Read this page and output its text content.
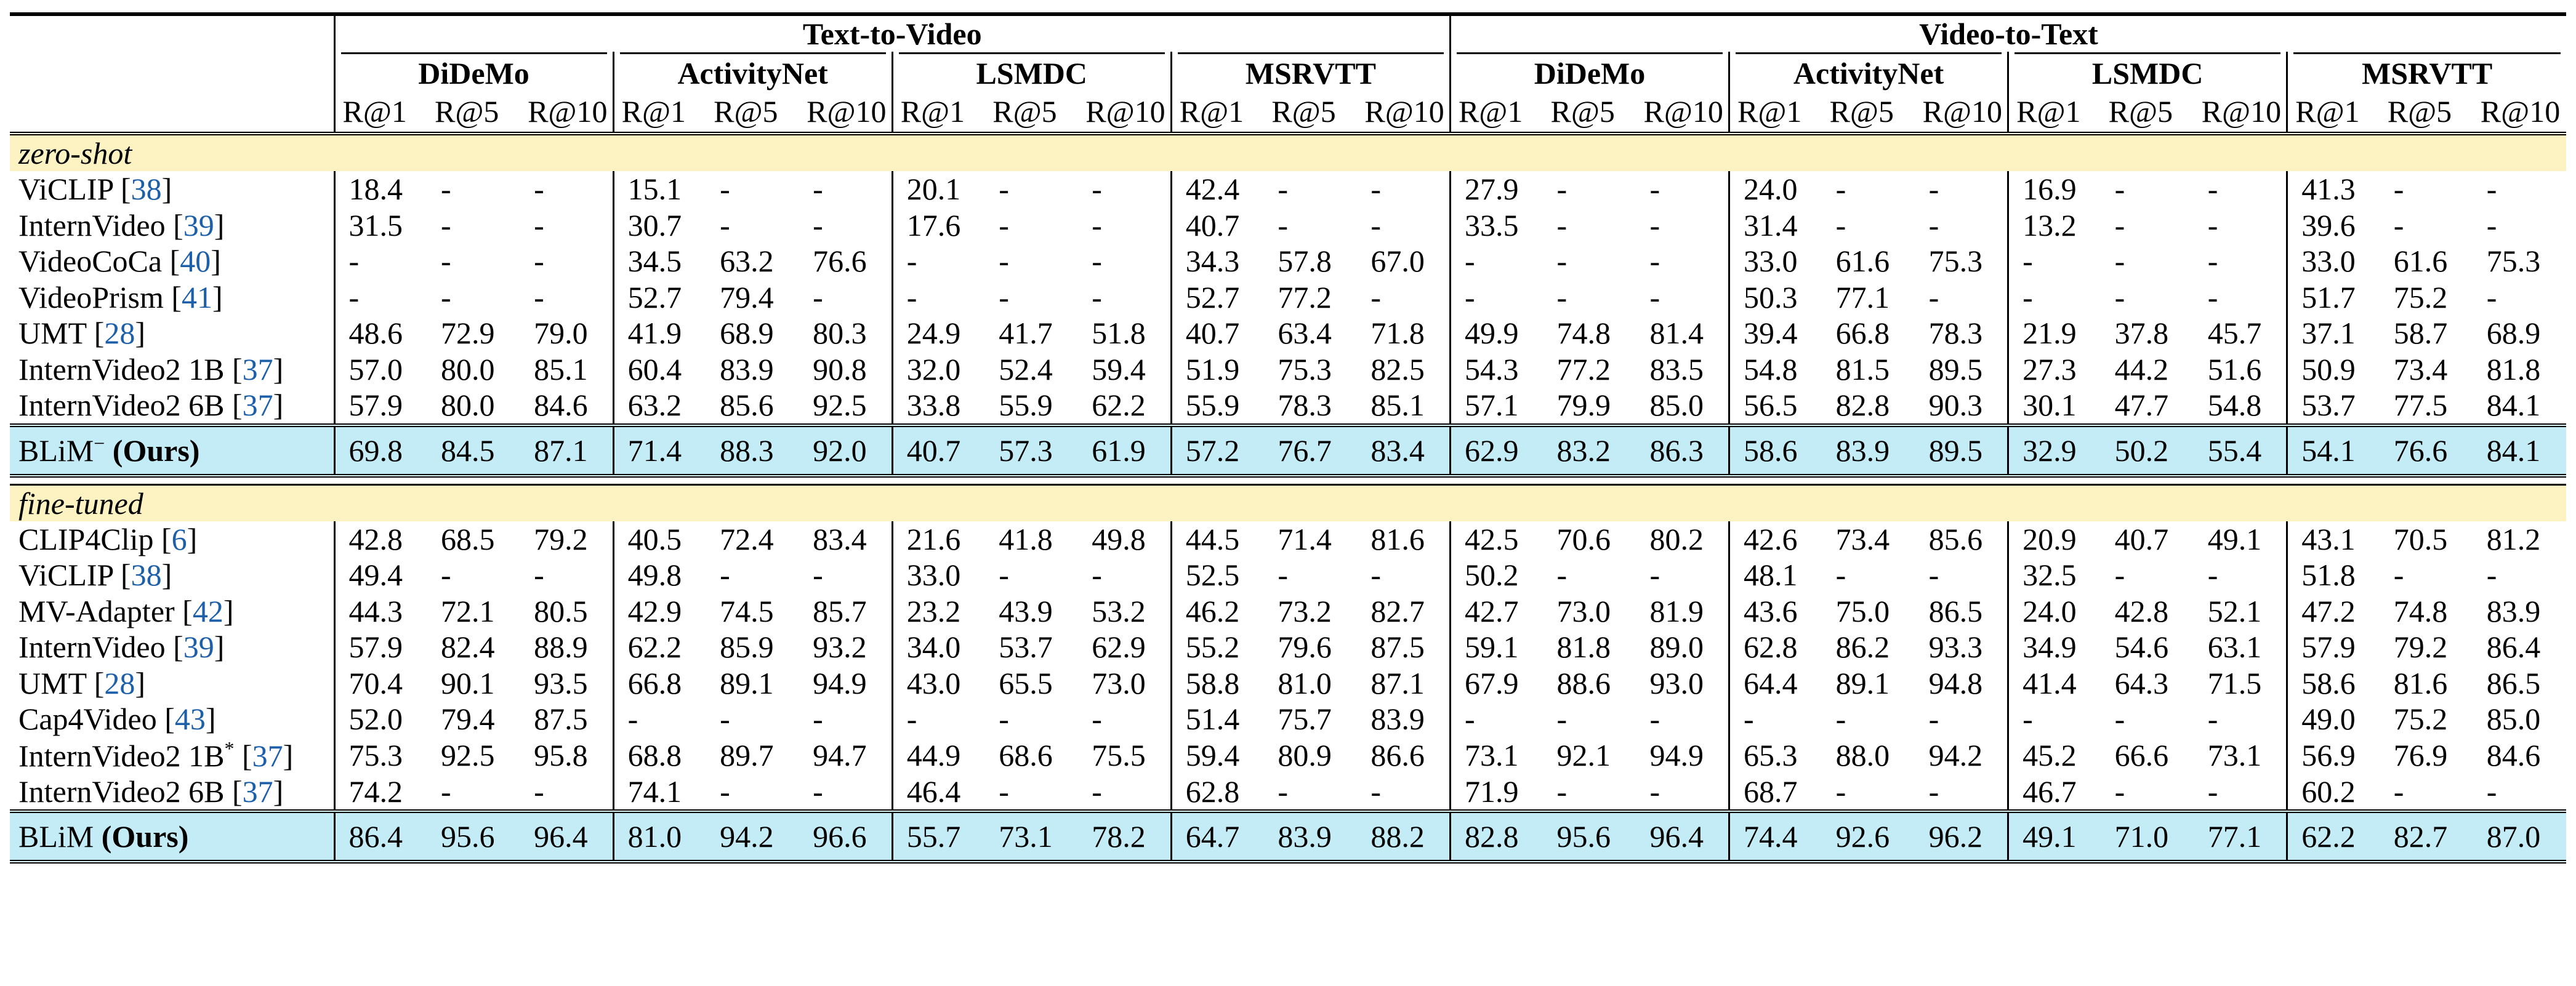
	Text-to-Video												Video-to-Text											
	DiDeMo			ActivityNet			LSMDC			MSRVTT			DiDeMo			ActivityNet			LSMDC			MSRVTT		
	R@1	R@5	R@10	R@1	R@5	R@10	R@1	R@5	R@10	R@1	R@5	R@10	R@1	R@5	R@10	R@1	R@5	R@10	R@1	R@5	R@10	R@1	R@5	R@10
zero-shot																								
ViCLIP [38]	18.4	-	-	15.1	-	-	20.1	-	-	42.4	-	-	27.9	-	-	24.0	-	-	16.9	-	-	41.3	-	-
InternVideo [39]	31.5	-	-	30.7	-	-	17.6	-	-	40.7	-	-	33.5	-	-	31.4	-	-	13.2	-	-	39.6	-	-
VideoCoCa [40]	-	-	-	34.5	63.2	76.6	-	-	-	34.3	57.8	67.0	-	-	-	33.0	61.6	75.3	-	-	-	33.0	61.6	75.3
VideoPrism [41]	-	-	-	52.7	79.4	-	-	-	-	52.7	77.2	-	-	-	-	50.3	77.1	-	-	-	-	51.7	75.2	-
UMT [28]	48.6	72.9	79.0	41.9	68.9	80.3	24.9	41.7	51.8	40.7	63.4	71.8	49.9	74.8	81.4	39.4	66.8	78.3	21.9	37.8	45.7	37.1	58.7	68.9
InternVideo2 1B [37]	57.0	80.0	85.1	60.4	83.9	90.8	32.0	52.4	59.4	51.9	75.3	82.5	54.3	77.2	83.5	54.8	81.5	89.5	27.3	44.2	51.6	50.9	73.4	81.8
InternVideo2 6B [37]	57.9	80.0	84.6	63.2	85.6	92.5	33.8	55.9	62.2	55.9	78.3	85.1	57.1	79.9	85.0	56.5	82.8	90.3	30.1	47.7	54.8	53.7	77.5	84.1
BLiM− (Ours)	69.8	84.5	87.1	71.4	88.3	92.0	40.7	57.3	61.9	57.2	76.7	83.4	62.9	83.2	86.3	58.6	83.9	89.5	32.9	50.2	55.4	54.1	76.6	84.1

fine-tuned																								
CLIP4Clip [6]	42.8	68.5	79.2	40.5	72.4	83.4	21.6	41.8	49.8	44.5	71.4	81.6	42.5	70.6	80.2	42.6	73.4	85.6	20.9	40.7	49.1	43.1	70.5	81.2
ViCLIP [38]	49.4	-	-	49.8	-	-	33.0	-	-	52.5	-	-	50.2	-	-	48.1	-	-	32.5	-	-	51.8	-	-
MV-Adapter [42]	44.3	72.1	80.5	42.9	74.5	85.7	23.2	43.9	53.2	46.2	73.2	82.7	42.7	73.0	81.9	43.6	75.0	86.5	24.0	42.8	52.1	47.2	74.8	83.9
InternVideo [39]	57.9	82.4	88.9	62.2	85.9	93.2	34.0	53.7	62.9	55.2	79.6	87.5	59.1	81.8	89.0	62.8	86.2	93.3	34.9	54.6	63.1	57.9	79.2	86.4
UMT [28]	70.4	90.1	93.5	66.8	89.1	94.9	43.0	65.5	73.0	58.8	81.0	87.1	67.9	88.6	93.0	64.4	89.1	94.8	41.4	64.3	71.5	58.6	81.6	86.5
Cap4Video [43]	52.0	79.4	87.5	-	-	-	-	-	-	51.4	75.7	83.9	-	-	-	-	-	-	-	-	-	49.0	75.2	85.0
InternVideo2 1B* [37]	75.3	92.5	95.8	68.8	89.7	94.7	44.9	68.6	75.5	59.4	80.9	86.6	73.1	92.1	94.9	65.3	88.0	94.2	45.2	66.6	73.1	56.9	76.9	84.6
InternVideo2 6B [37]	74.2	-	-	74.1	-	-	46.4	-	-	62.8	-	-	71.9	-	-	68.7	-	-	46.7	-	-	60.2	-	-
BLiM (Ours)	86.4	95.6	96.4	81.0	94.2	96.6	55.7	73.1	78.2	64.7	83.9	88.2	82.8	95.6	96.4	74.4	92.6	96.2	49.1	71.0	77.1	62.2	82.7	87.0
